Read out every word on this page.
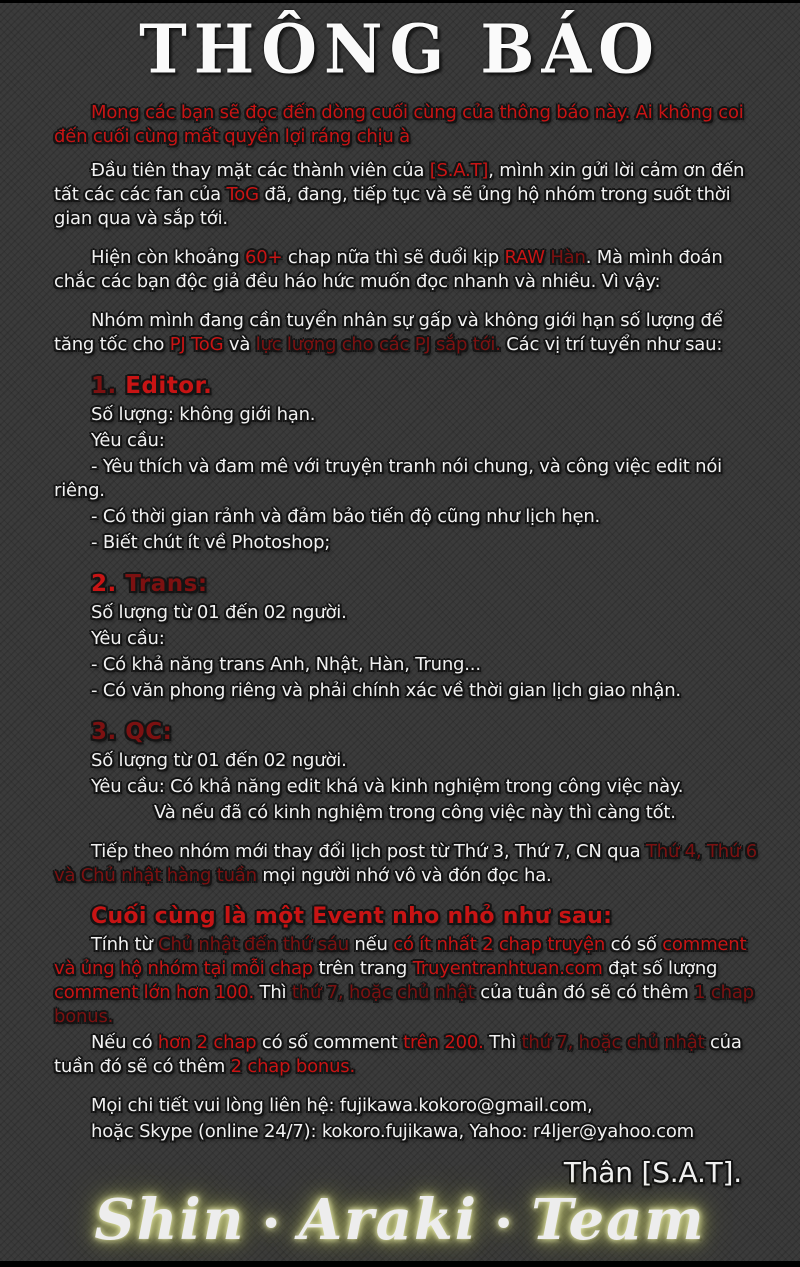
THÔNG BÁO

Mong các bạn sẽ đọc đến dòng cuối cùng của thông báo này. Ai không coi đến cuối cùng mất quyền lợi ráng chịu à

Đầu tiên thay mặt các thành viên của [S.A.T], mình xin gửi lời cảm ơn đến tất các các fan của ToG đã, đang, tiếp tục và sẽ ủng hộ nhóm trong suốt thời gian qua và sắp tới.

Hiện còn khoảng 60+ chap nữa thì sẽ đuổi kịp RAW Hàn. Mà mình đoán chắc các bạn độc giả đều háo hức muốn đọc nhanh và nhiều. Vì vậy:

Nhóm mình đang cần tuyển nhân sự gấp và không giới hạn số lượng để tăng tốc cho PJ ToG và lực lượng cho các PJ sắp tới. Các vị trí tuyển như sau:

1. Editor.

Số lượng: không giới hạn.

Yêu cầu:

- Yêu thích và đam mê với truyện tranh nói chung, và công việc edit nói riêng.

- Có thời gian rảnh và đảm bảo tiến độ cũng như lịch hẹn.

- Biết chút ít về Photoshop;

2. Trans:

Số lượng từ 01 đến 02 người.

Yêu cầu:

- Có khả năng trans Anh, Nhật, Hàn, Trung...

- Có văn phong riêng và phải chính xác về thời gian lịch giao nhận.

3. QC:

Số lượng từ 01 đến 02 người.

Yêu cầu: Có khả năng edit khá và kinh nghiệm trong công việc này.

Và nếu đã có kinh nghiệm trong công việc này thì càng tốt.

Tiếp theo nhóm mới thay đổi lịch post từ Thứ 3, Thứ 7, CN qua Thứ 4, Thứ 6 và Chủ nhật hàng tuần mọi người nhớ vô và đón đọc ha.

Cuối cùng là một Event nho nhỏ như sau:

Tính từ Chủ nhật đến thứ sáu nếu có ít nhất 2 chap truyện có số comment và ủng hộ nhóm tại mỗi chap trên trang Truyentranhtuan.com đạt số lượng comment lớn hơn 100. Thì thứ 7, hoặc chủ nhật của tuần đó sẽ có thêm 1 chap bonus.

Nếu có hơn 2 chap có số comment trên 200. Thì thứ 7, hoặc chủ nhật của tuần đó sẽ có thêm 2 chap bonus.

Mọi chi tiết vui lòng liên hệ: fujikawa.kokoro@gmail.com,

hoặc Skype (online 24/7): kokoro.fujikawa, Yahoo: r4ljer@yahoo.com

Thân [S.A.T].

Shin • Araki • Team
